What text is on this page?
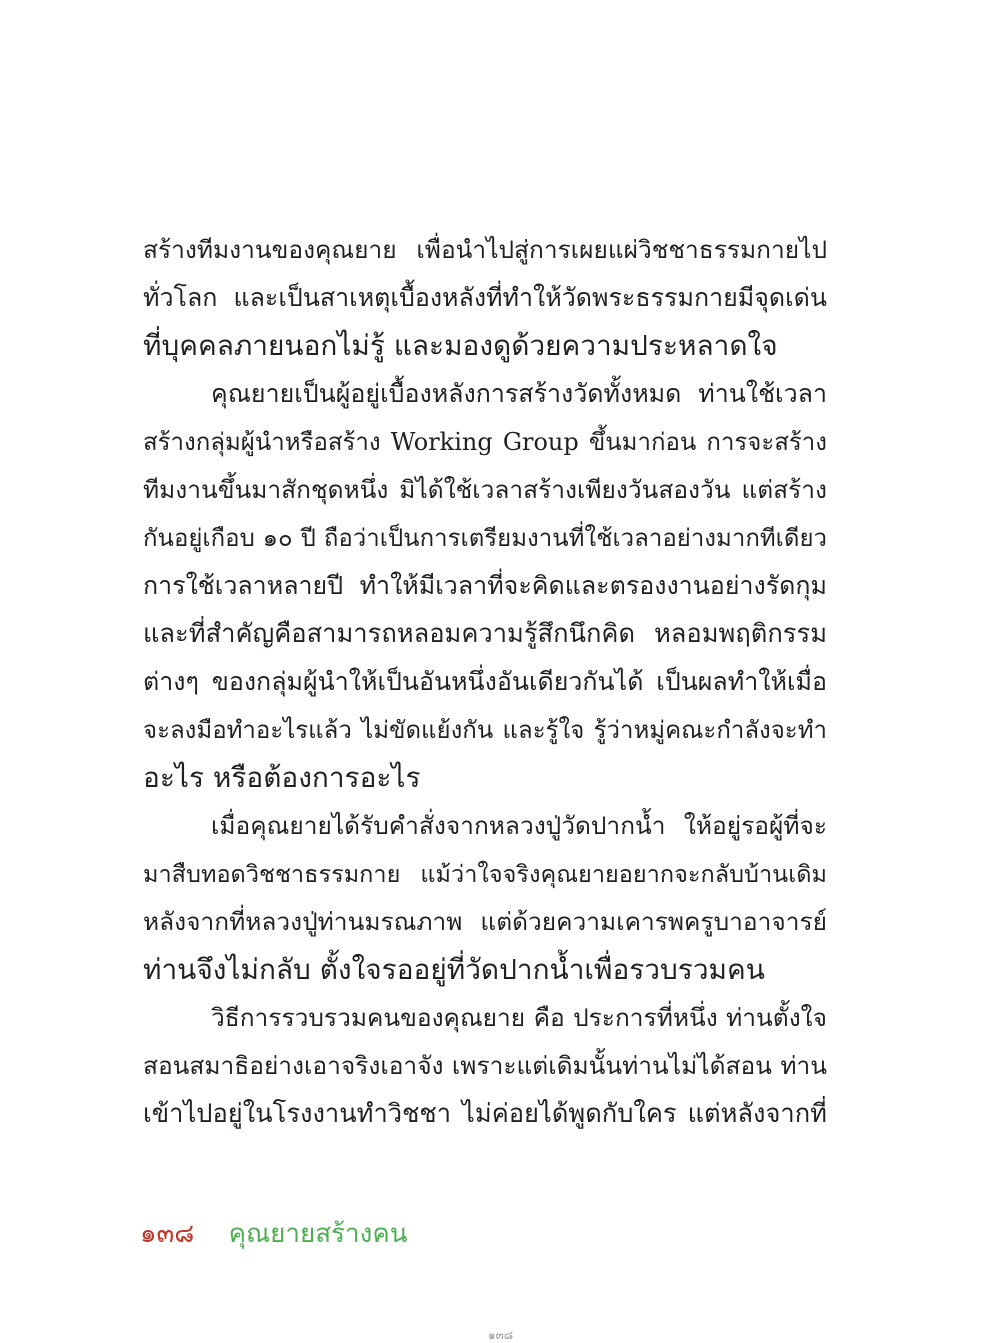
สร้างทีมงานของคุณยาย เพื่อนำไปสู่การเผยแผ่วิชชาธรรมกายไป
ทั่วโลก และเป็นสาเหตุเบื้องหลังที่ทำให้วัดพระธรรมกายมีจุดเด่น
ที่บุคคลภายนอกไม่รู้ และมองดูด้วยความประหลาดใจ
คุณยายเป็นผู้อยู่เบื้องหลังการสร้างวัดทั้งหมด ท่านใช้เวลา
สร้างกลุ่มผู้นำหรือสร้าง Working Group ขึ้นมาก่อน การจะสร้าง
ทีมงานขึ้นมาสักชุดหนึ่ง มิได้ใช้เวลาสร้างเพียงวันสองวัน แต่สร้าง
กันอยู่เกือบ ๑๐ ปี ถือว่าเป็นการเตรียมงานที่ใช้เวลาอย่างมากทีเดียว
การใช้เวลาหลายปี ทำให้มีเวลาที่จะคิดและตรองงานอย่างรัดกุม
และที่สำคัญคือสามารถหลอมความรู้สึกนึกคิด หลอมพฤติกรรม
ต่างๆ ของกลุ่มผู้นำให้เป็นอันหนึ่งอันเดียวกันได้ เป็นผลทำให้เมื่อ
จะลงมือทำอะไรแล้ว ไม่ขัดแย้งกัน และรู้ใจ รู้ว่าหมู่คณะกำลังจะทำ
อะไร หรือต้องการอะไร
เมื่อคุณยายได้รับคำสั่งจากหลวงปู่วัดปากน้ำ ให้อยู่รอผู้ที่จะ
มาสืบทอดวิชชาธรรมกาย แม้ว่าใจจริงคุณยายอยากจะกลับบ้านเดิม
หลังจากที่หลวงปู่ท่านมรณภาพ แต่ด้วยความเคารพครูบาอาจารย์
ท่านจึงไม่กลับ ตั้งใจรออยู่ที่วัดปากน้ำเพื่อรวบรวมคน
วิธีการรวบรวมคนของคุณยาย คือ ประการที่หนึ่ง ท่านตั้งใจ
สอนสมาธิอย่างเอาจริงเอาจัง เพราะแต่เดิมนั้นท่านไม่ได้สอน ท่าน
เข้าไปอยู่ในโรงงานทำวิชชา ไม่ค่อยได้พูดกับใคร แต่หลังจากที่
๑๓๘ คุณยายสร้างคน
๑๓๘
